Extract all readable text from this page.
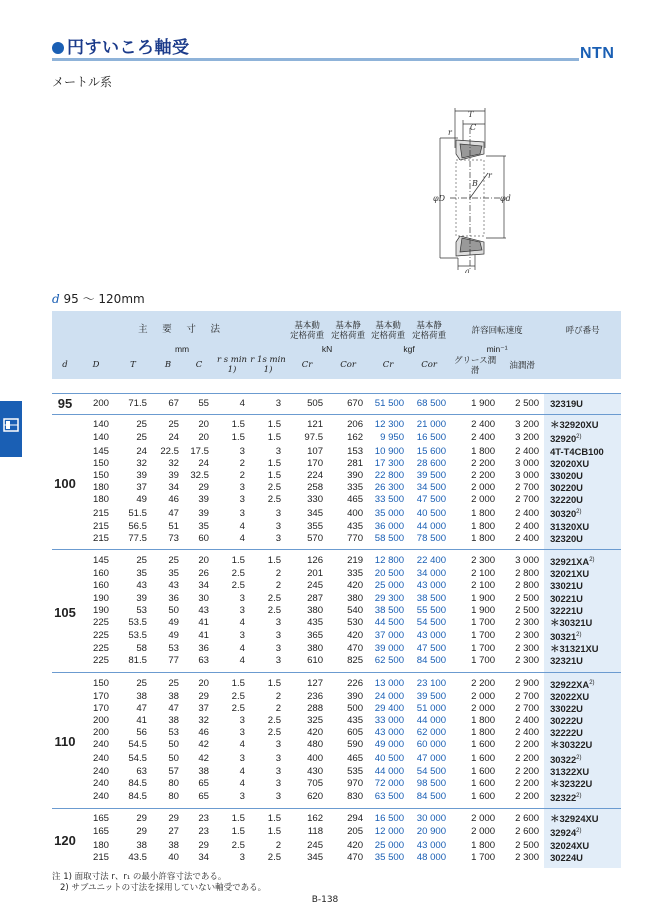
円すいころ軸受	NTN
メートル系
T
C
r
r
B
φD	φd
a
d 95 ～ 120mm
	主 要 寸 法						基本動
定格荷重	基本静
定格荷重	基本動
定格荷重	基本静
定格荷重	許容回転速度		呼び番号
	mm						kN		kgf		min⁻¹		
d	D	T	B	C	r s min 1)	r 1s min 1)	Cr	Cor	Cr	Cor	グリース潤滑	油潤滑	

95	200	71.5	67	55	4	3	505	670	51 500	68 500	1 900	2 500	32319U
100	140	25	25	20	1.5	1.5	121	206	12 300	21 000	2 400	3 200	＊32920XU
	140	25	24	20	1.5	1.5	97.5	162	9 950	16 500	2 400	3 200	32920$^{2)}$
	145	24	22.5	17.5	3	3	107	153	10 900	15 600	1 800	2 400	4T-T4CB100
	150	32	32	24	2	1.5	170	281	17 300	28 600	2 200	3 000	32020XU
	150	39	39	32.5	2	1.5	224	390	22 800	39 500	2 200	3 000	33020U
	180	37	34	29	3	2.5	258	335	26 300	34 500	2 000	2 700	30220U
	180	49	46	39	3	2.5	330	465	33 500	47 500	2 000	2 700	32220U
	215	51.5	47	39	3	3	345	400	35 000	40 500	1 800	2 400	30320$^{2)}$
	215	56.5	51	35	4	3	355	435	36 000	44 000	1 800	2 400	31320XU
	215	77.5	73	60	4	3	570	770	58 500	78 500	1 800	2 400	32320U
105	145	25	25	20	1.5	1.5	126	219	12 800	22 400	2 300	3 000	32921XA$^{2)}$
	160	35	35	26	2.5	2	201	335	20 500	34 000	2 100	2 800	32021XU
	160	43	43	34	2.5	2	245	420	25 000	43 000	2 100	2 800	33021U
	190	39	36	30	3	2.5	287	380	29 300	38 500	1 900	2 500	30221U
	190	53	50	43	3	2.5	380	540	38 500	55 500	1 900	2 500	32221U
	225	53.5	49	41	4	3	435	530	44 500	54 500	1 700	2 300	＊30321U
	225	53.5	49	41	3	3	365	420	37 000	43 000	1 700	2 300	30321$^{2)}$
	225	58	53	36	4	3	380	470	39 000	47 500	1 700	2 300	＊31321XU
	225	81.5	77	63	4	3	610	825	62 500	84 500	1 700	2 300	32321U
110	150	25	25	20	1.5	1.5	127	226	13 000	23 100	2 200	2 900	32922XA$^{2)}$
	170	38	38	29	2.5	2	236	390	24 000	39 500	2 000	2 700	32022XU
	170	47	47	37	2.5	2	288	500	29 400	51 000	2 000	2 700	33022U
	200	41	38	32	3	2.5	325	435	33 000	44 000	1 800	2 400	30222U
	200	56	53	46	3	2.5	420	605	43 000	62 000	1 800	2 400	32222U
	240	54.5	50	42	4	3	480	590	49 000	60 000	1 600	2 200	＊30322U
	240	54.5	50	42	3	3	400	465	40 500	47 000	1 600	2 200	30322$^{2)}$
	240	63	57	38	4	3	430	535	44 000	54 500	1 600	2 200	31322XU
	240	84.5	80	65	4	3	705	970	72 000	98 500	1 600	2 200	＊32322U
	240	84.5	80	65	3	3	620	830	63 500	84 500	1 600	2 200	32322$^{2)}$
120	165	29	29	23	1.5	1.5	162	294	16 500	30 000	2 000	2 600	＊32924XU
	165	29	27	23	1.5	1.5	118	205	12 000	20 900	2 000	2 600	32924$^{2)}$
	180	38	38	29	2.5	2	245	420	25 000	43 000	1 800	2 500	32024XU
	215	43.5	40	34	3	2.5	345	470	35 500	48 000	1 700	2 300	30224U
注 1) 面取寸法 r、r₁ の最小許容寸法である。
2) サブユニットの寸法を採用していない軸受である。
B-138
